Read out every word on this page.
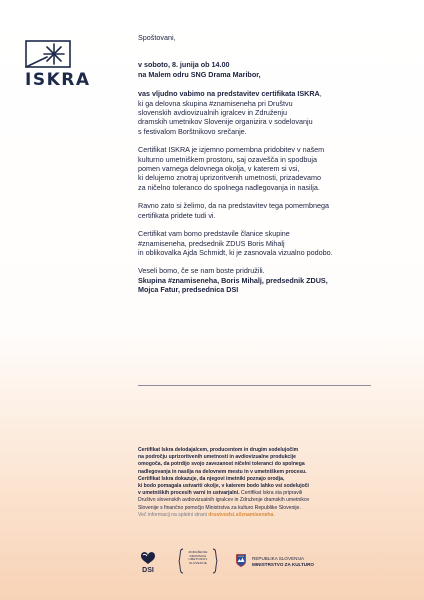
ISKRA

Spoštovani,

v soboto, 8. junija ob 14.00

na Malem odru SNG Drama Maribor,

vas vljudno vabimo na predstavitev certifikata ISKRA,
ki ga delovna skupina #znamiseneha pri Društvu
slovenskih avdiovizualnih igralcev in Združenju
dramskih umetnikov Slovenije organizira v sodelovanju
s festivalom Borštnikovo srečanje.

Certifikat ISKRA je izjemno pomembna pridobitev v našem
kulturno umetniškem prostoru, saj ozavešča in spodbuja
pomen varnega delovnega okolja, v katerem si vsi,
ki delujemo znotraj uprizoritvenih umetnosti, prizadevamo
za ničelno toleranco do spolnega nadlegovanja in nasilja.

Ravno zato si želimo, da na predstavitev tega pomembnega
certifikata pridete tudi vi.

Certifikat vam bomo predstavile članice skupine
#znamiseneha, predsednik ZDUS Boris Mihalj
in oblikovalka Ajda Schmidt, ki je zasnovala vizualno podobo.

Veseli bomo, če se nam boste pridružili.

Skupina #znamiseneha, Boris Mihalj, predsednik ZDUS,
Mojca Fatur, predsednica DSI

Certifikat Iskra delodajalcem, producentom in drugim sodelujočim
na področju uprizoritvenih umetnosti in avdiovizualne produkcije
omogoča, da potrdijo svojo zavezanost ničelni toleranci do spolnega
nadlegovanja in nasilja na delovnem mestu in v umetniškem procesu.
Certifikat Iskra dokazuje, da njegovi imetniki poznajo orodja,
ki bodo pomagala ustvariti okolje, v katerem bodo lahko vsi sodelujoči
v umetniških procesih varni in ustvarjalni. Certifikat Iskra sta pripravili
Društvo slovenskih avdiovizualnih igralcev in Združenje dramskih umetnikov
Slovenije s finančno pomočjo Ministrstva za kulturo Republike Slovenije.
Več informacij na spletni strani drustvodsi.si/znamiseneha.
DSI
ZDRUŽENJE DRAMSKIH UMETNIKOV SLOVENIJE
REPUBLIKA SLOVENIJA
MINISTRSTVO ZA KULTURO
